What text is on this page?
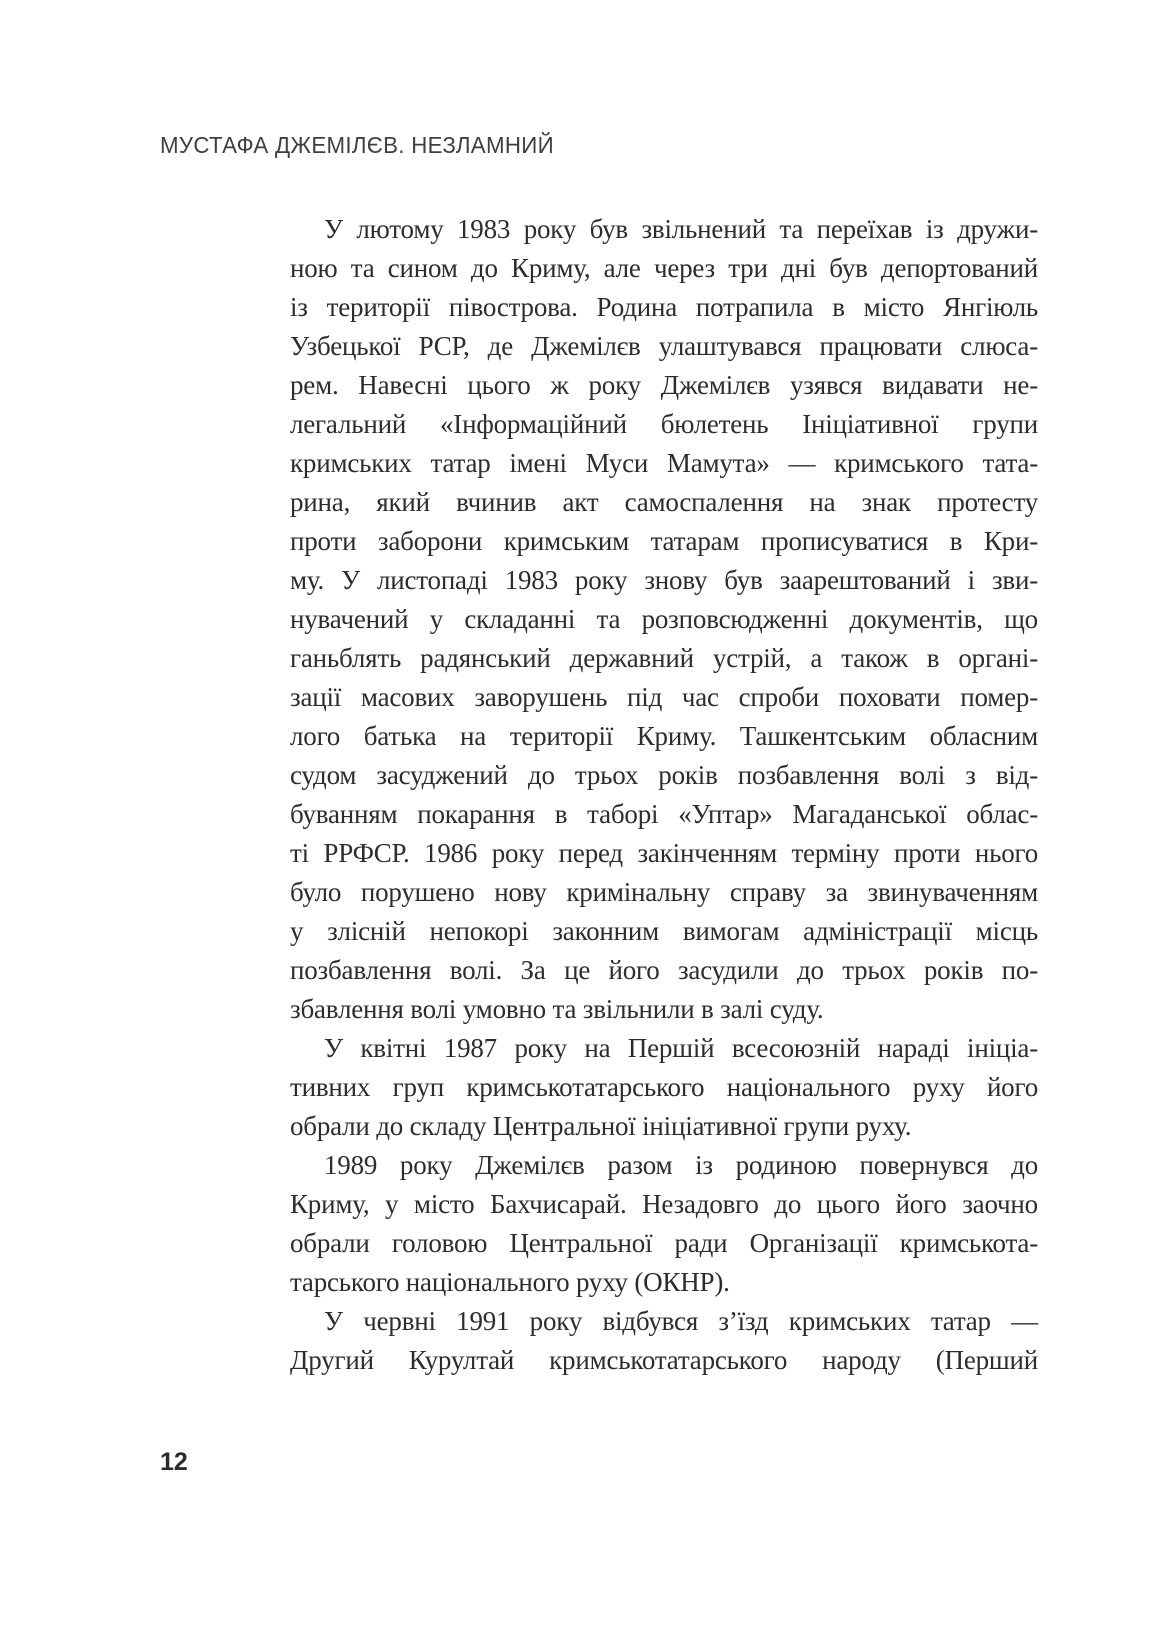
МУСТАФА ДЖЕМІЛЄВ. НЕЗЛАМНИЙ
У лютому 1983 року був звільнений та переїхав із дружи-
ною та сином до Криму, але через три дні був депортований
із території півострова. Родина потрапила в місто Янгіюль
Узбецької РСР, де Джемілєв улаштувався працювати слюса-
рем. Навесні цього ж року Джемілєв узявся видавати не-
легальний «Інформаційний бюлетень Ініціативної групи
кримських татар імені Муси Мамута» — кримського тата-
рина, який вчинив акт самоспалення на знак протесту
проти заборони кримським татарам прописуватися в Кри-
му. У листопаді 1983 року знову був заарештований і зви-
нувачений у складанні та розповсюдженні документів, що
ганьблять радянський державний устрій, а також в органі-
зації масових заворушень під час спроби поховати помер-
лого батька на території Криму. Ташкентським обласним
судом засуджений до трьох років позбавлення волі з від-
буванням покарання в таборі «Уптар» Магаданської облас-
ті РРФСР. 1986 року перед закінченням терміну проти нього
було порушено нову кримінальну справу за звинуваченням
у злісній непокорі законним вимогам адміністрації місць
позбавлення волі. За це його засудили до трьох років по-
збавлення волі умовно та звільнили в залі суду.
У квітні 1987 року на Першій всесоюзній нараді ініціа-
тивних груп кримськотатарського національного руху його
обрали до складу Центральної ініціативної групи руху.
1989 року Джемілєв разом із родиною повернувся до
Криму, у місто Бахчисарай. Незадовго до цього його заочно
обрали головою Центральної ради Організації кримськота-
тарського національного руху (ОКНР).
У червні 1991 року відбувся з’їзд кримських татар —
Другий Курултай кримськотатарського народу (Перший
12
